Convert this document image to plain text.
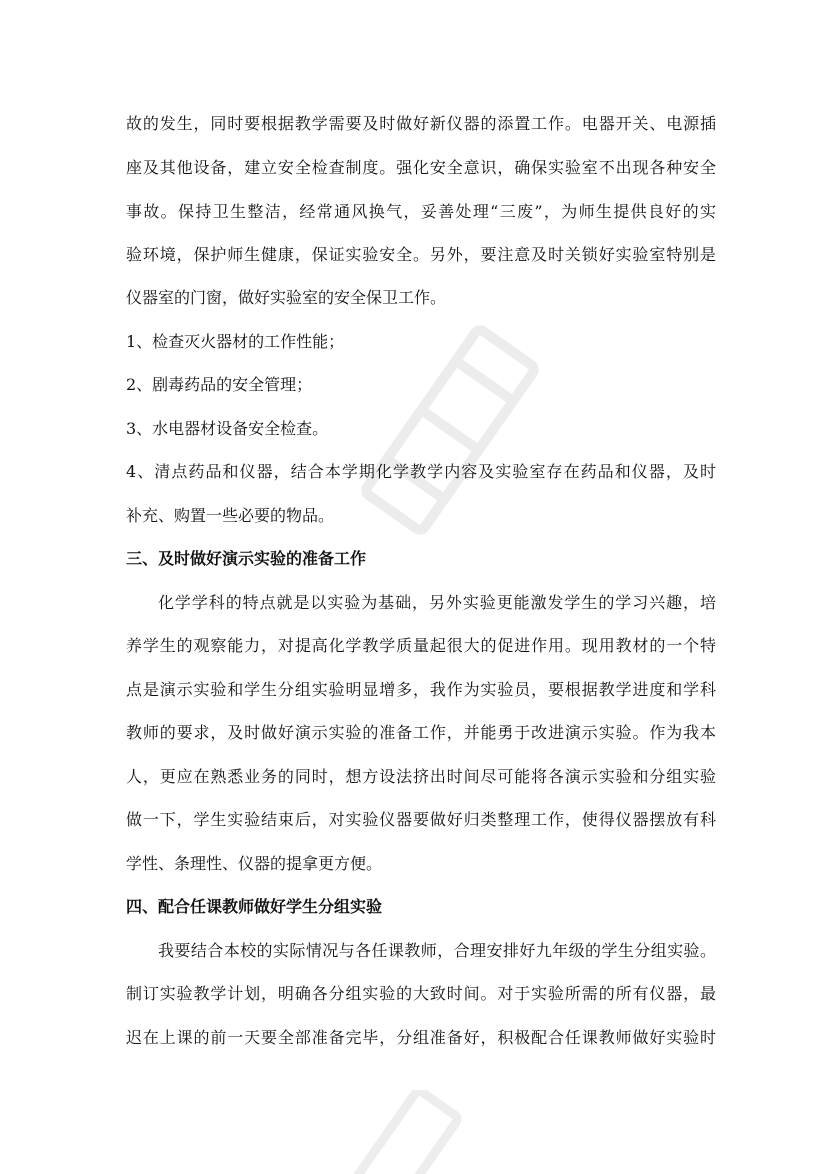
故的发生，同时要根据教学需要及时做好新仪器的添置工作。电器开关、电源插
座及其他设备，建立安全检查制度。强化安全意识，确保实验室不出现各种安全
事故。保持卫生整洁，经常通风换气，妥善处理“三废”，为师生提供良好的实
验环境，保护师生健康，保证实验安全。另外，要注意及时关锁好实验室特别是
仪器室的门窗，做好实验室的安全保卫工作。
1、检查灭火器材的工作性能；
2、剧毒药品的安全管理；
3、水电器材设备安全检查。
4、清点药品和仪器，结合本学期化学教学内容及实验室存在药品和仪器，及时
补充、购置一些必要的物品。
三、及时做好演示实验的准备工作
化学学科的特点就是以实验为基础，另外实验更能激发学生的学习兴趣，培
养学生的观察能力，对提高化学教学质量起很大的促进作用。现用教材的一个特
点是演示实验和学生分组实验明显增多，我作为实验员，要根据教学进度和学科
教师的要求，及时做好演示实验的准备工作，并能勇于改进演示实验。作为我本
人，更应在熟悉业务的同时，想方设法挤出时间尽可能将各演示实验和分组实验
做一下，学生实验结束后，对实验仪器要做好归类整理工作，使得仪器摆放有科
学性、条理性、仪器的提拿更方便。
四、配合任课教师做好学生分组实验
我要结合本校的实际情况与各任课教师，合理安排好九年级的学生分组实验。
制订实验教学计划，明确各分组实验的大致时间。对于实验所需的所有仪器，最
迟在上课的前一天要全部准备完毕，分组准备好，积极配合任课教师做好实验时
